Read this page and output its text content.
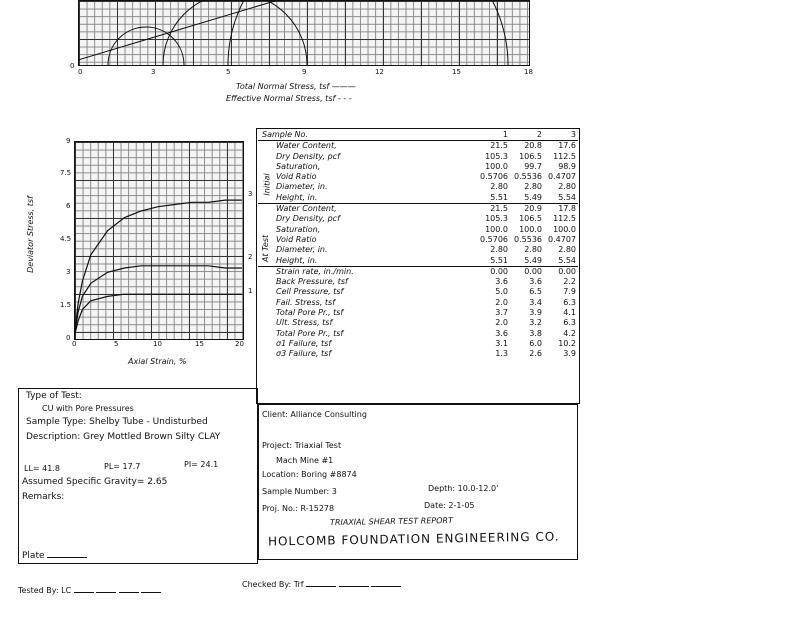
0
0	3	5	9	12	15	18
Total Normal Stress, tsf ———
Effective Normal Stress, tsf - - -
Deviator Stress, tsf
9
7.5
6
4.5
3
1.5
0
0	5	10	15	20
Axial Strain, %
3
2
1
Sample No.	1	2	3
Water Content,	21.5	20.8	17.6
Dry Density, pcf	105.3	106.5	112.5
Saturation,	100.0	99.7	98.9
Void Ratio	0.5706	0.5536	0.4707
Diameter, in.	2.80	2.80	2.80
Height, in.	5.51	5.49	5.54
Water Content,	21.5	20.9	17.8
Dry Density, pcf	105.3	106.5	112.5
Saturation,	100.0	100.0	100.0
Void Ratio	0.5706	0.5536	0.4707
Diameter, in.	2.80	2.80	2.80
Height, in.	5.51	5.49	5.54
Strain rate, in./min.	0.00	0.00	0.00
Back Pressure, tsf	3.6	3.6	2.2
Cell Pressure, tsf	5.0	6.5	7.9
Fail. Stress, tsf	2.0	3.4	6.3
Total Pore Pr., tsf	3.7	3.9	4.1
Ult. Stress, tsf	2.0	3.2	6.3
Total Pore Pr., tsf	3.6	3.8	4.2
σ1 Failure, tsf	3.1	6.0	10.2
σ3 Failure, tsf	1.3	2.6	3.9
Initial
At Test
Type of Test:
CU with Pore Pressures
Sample Type: Shelby Tube - Undisturbed
Description: Grey Mottled Brown Silty CLAY
LL= 41.8	PL= 17.7	PI= 24.1
Assumed Specific Gravity= 2.65
Remarks:
Plate
Client: Alliance Consulting
Project: Triaxial Test
Mach Mine #1
Location: Boring #8874
Sample Number: 3	Depth: 10.0-12.0'
Proj. No.: R-15278	Date: 2-1-05
TRIAXIAL SHEAR TEST REPORT
HOLCOMB FOUNDATION ENGINEERING CO.
Tested By: LC
Checked By: Trf
